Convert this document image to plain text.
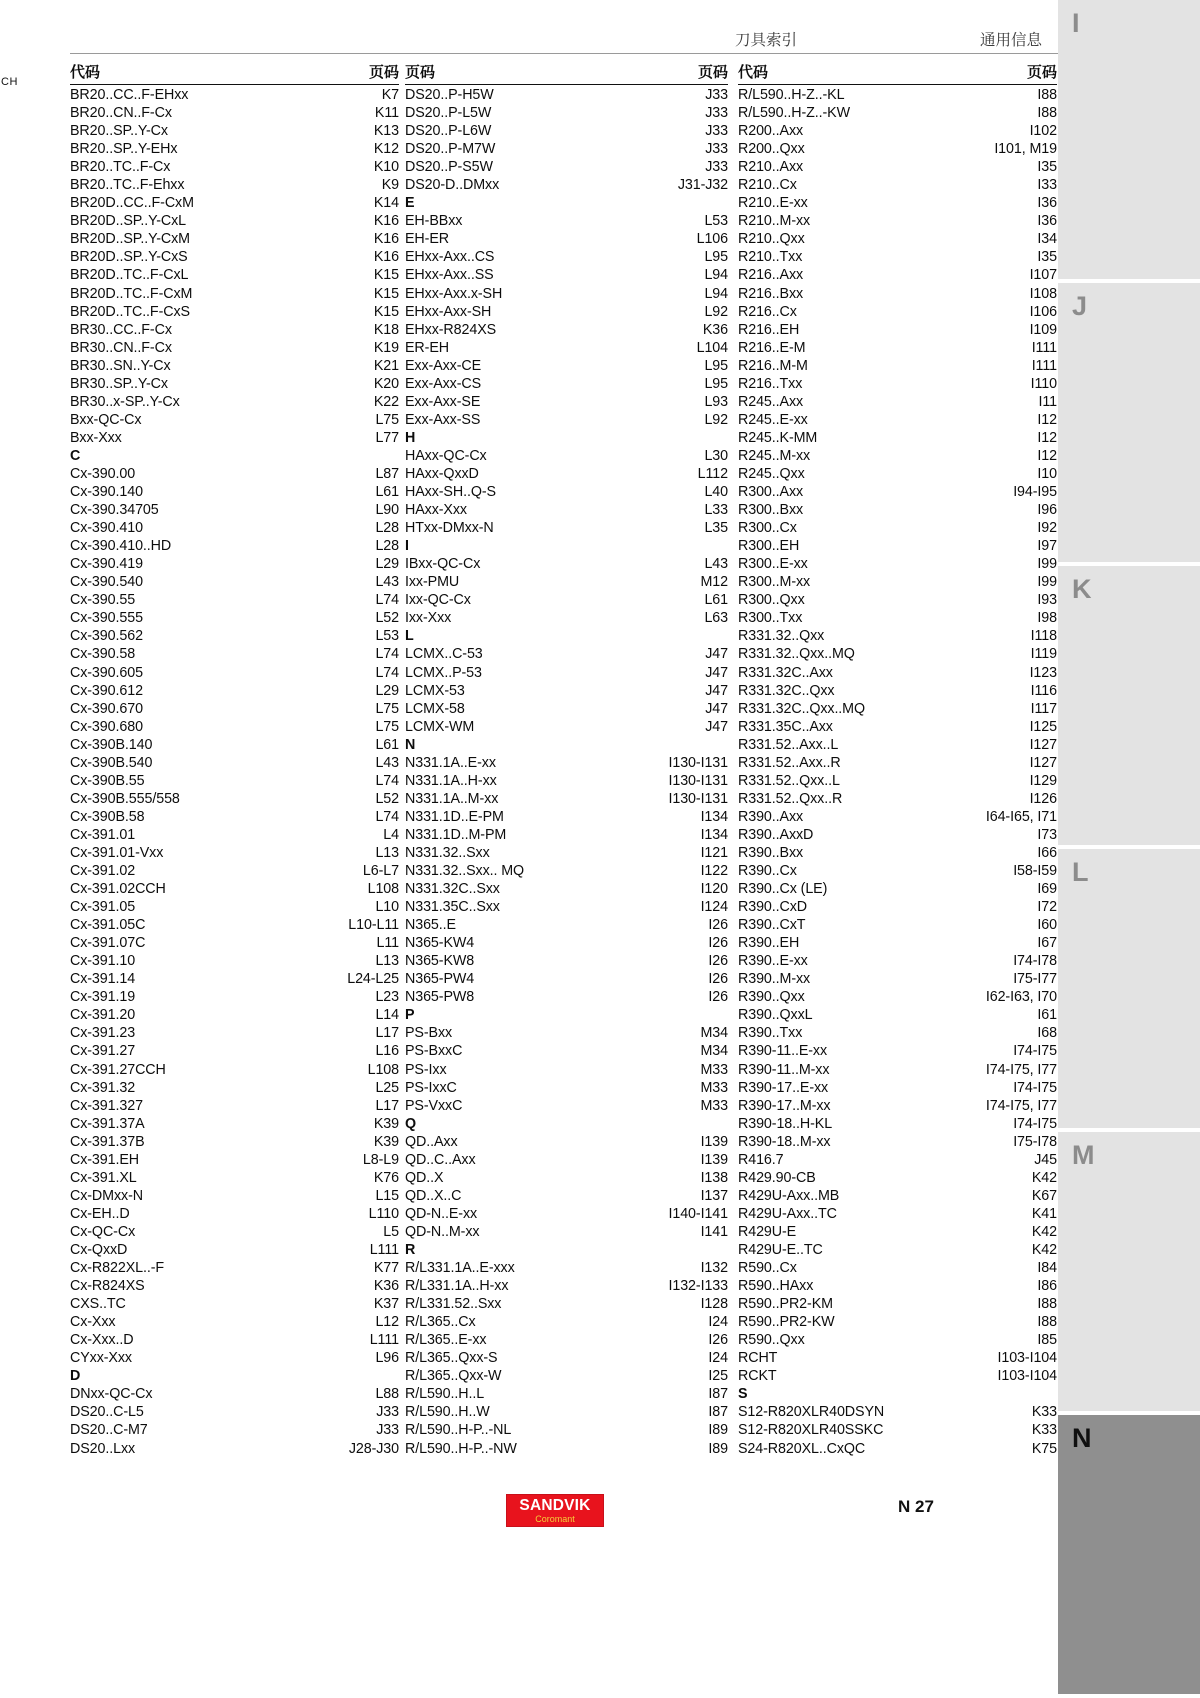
CH
刀具索引	通用信息
代码	页码
BR20..CC..F-EHxx	K7
BR20..CN..F-Cx	K11
BR20..SP..Y-Cx	K13
BR20..SP..Y-EHx	K12
BR20..TC..F-Cx	K10
BR20..TC..F-Ehxx	K9
BR20D..CC..F-CxM	K14
BR20D..SP..Y-CxL	K16
BR20D..SP..Y-CxM	K16
BR20D..SP..Y-CxS	K16
BR20D..TC..F-CxL	K15
BR20D..TC..F-CxM	K15
BR20D..TC..F-CxS	K15
BR30..CC..F-Cx	K18
BR30..CN..F-Cx	K19
BR30..SN..Y-Cx	K21
BR30..SP..Y-Cx	K20
BR30..x-SP..Y-Cx	K22
Bxx-QC-Cx	L75
Bxx-Xxx	L77
C
Cx-390.00	L87
Cx-390.140	L61
Cx-390.34705	L90
Cx-390.410	L28
Cx-390.410..HD	L28
Cx-390.419	L29
Cx-390.540	L43
Cx-390.55	L74
Cx-390.555	L52
Cx-390.562	L53
Cx-390.58	L74
Cx-390.605	L74
Cx-390.612	L29
Cx-390.670	L75
Cx-390.680	L75
Cx-390B.140	L61
Cx-390B.540	L43
Cx-390B.55	L74
Cx-390B.555/558	L52
Cx-390B.58	L74
Cx-391.01	L4
Cx-391.01-Vxx	L13
Cx-391.02	L6-L7
Cx-391.02CCH	L108
Cx-391.05	L10
Cx-391.05C	L10-L11
Cx-391.07C	L11
Cx-391.10	L13
Cx-391.14	L24-L25
Cx-391.19	L23
Cx-391.20	L14
Cx-391.23	L17
Cx-391.27	L16
Cx-391.27CCH	L108
Cx-391.32	L25
Cx-391.327	L17
Cx-391.37A	K39
Cx-391.37B	K39
Cx-391.EH	L8-L9
Cx-391.XL	K76
Cx-DMxx-N	L15
Cx-EH..D	L110
Cx-QC-Cx	L5
Cx-QxxD	L111
Cx-R822XL..-F	K77
Cx-R824XS	K36
CXS..TC	K37
Cx-Xxx	L12
Cx-Xxx..D	L111
CYxx-Xxx	L96
D
DNxx-QC-Cx	L88
DS20..C-L5	J33
DS20..C-M7	J33
DS20..Lxx	J28-J30
页码	页码
DS20..P-H5W	J33
DS20..P-L5W	J33
DS20..P-L6W	J33
DS20..P-M7W	J33
DS20..P-S5W	J33
DS20-D..DMxx	J31-J32
E
EH-BBxx	L53
EH-ER	L106
EHxx-Axx..CS	L95
EHxx-Axx..SS	L94
EHxx-Axx.x-SH	L94
EHxx-Axx-SH	L92
EHxx-R824XS	K36
ER-EH	L104
Exx-Axx-CE	L95
Exx-Axx-CS	L95
Exx-Axx-SE	L93
Exx-Axx-SS	L92
H
HAxx-QC-Cx	L30
HAxx-QxxD	L112
HAxx-SH..Q-S	L40
HAxx-Xxx	L33
HTxx-DMxx-N	L35
I
IBxx-QC-Cx	L43
Ixx-PMU	M12
Ixx-QC-Cx	L61
Ixx-Xxx	L63
L
LCMX..C-53	J47
LCMX..P-53	J47
LCMX-53	J47
LCMX-58	J47
LCMX-WM	J47
N
N331.1A..E-xx	I130-I131
N331.1A..H-xx	I130-I131
N331.1A..M-xx	I130-I131
N331.1D..E-PM	I134
N331.1D..M-PM	I134
N331.32..Sxx	I121
N331.32..Sxx.. MQ	I122
N331.32C..Sxx	I120
N331.35C..Sxx	I124
N365..E	I26
N365-KW4	I26
N365-KW8	I26
N365-PW4	I26
N365-PW8	I26
P
PS-Bxx	M34
PS-BxxC	M34
PS-Ixx	M33
PS-IxxC	M33
PS-VxxC	M33
Q
QD..Axx	I139
QD..C..Axx	I139
QD..X	I138
QD..X..C	I137
QD-N..E-xx	I140-I141
QD-N..M-xx	I141
R
R/L331.1A..E-xxx	I132
R/L331.1A..H-xx	I132-I133
R/L331.52..Sxx	I128
R/L365..Cx	I24
R/L365..E-xx	I26
R/L365..Qxx-S	I24
R/L365..Qxx-W	I25
R/L590..H..L	I87
R/L590..H..W	I87
R/L590..H-P..-NL	I89
R/L590..H-P..-NW	I89
代码	页码
R/L590..H-Z..-KL	I88
R/L590..H-Z..-KW	I88
R200..Axx	I102
R200..Qxx	I101, M19
R210..Axx	I35
R210..Cx	I33
R210..E-xx	I36
R210..M-xx	I36
R210..Qxx	I34
R210..Txx	I35
R216..Axx	I107
R216..Bxx	I108
R216..Cx	I106
R216..EH	I109
R216..E-M	I111
R216..M-M	I111
R216..Txx	I110
R245..Axx	I11
R245..E-xx	I12
R245..K-MM	I12
R245..M-xx	I12
R245..Qxx	I10
R300..Axx	I94-I95
R300..Bxx	I96
R300..Cx	I92
R300..EH	I97
R300..E-xx	I99
R300..M-xx	I99
R300..Qxx	I93
R300..Txx	I98
R331.32..Qxx	I118
R331.32..Qxx..MQ	I119
R331.32C..Axx	I123
R331.32C..Qxx	I116
R331.32C..Qxx..MQ	I117
R331.35C..Axx	I125
R331.52..Axx..L	I127
R331.52..Axx..R	I127
R331.52..Qxx..L	I129
R331.52..Qxx..R	I126
R390..Axx	I64-I65, I71
R390..AxxD	I73
R390..Bxx	I66
R390..Cx	I58-I59
R390..Cx (LE)	I69
R390..CxD	I72
R390..CxT	I60
R390..EH	I67
R390..E-xx	I74-I78
R390..M-xx	I75-I77
R390..Qxx	I62-I63, I70
R390..QxxL	I61
R390..Txx	I68
R390-11..E-xx	I74-I75
R390-11..M-xx	I74-I75, I77
R390-17..E-xx	I74-I75
R390-17..M-xx	I74-I75, I77
R390-18..H-KL	I74-I75
R390-18..M-xx	I75-I78
R416.7	J45
R429.90-CB	K42
R429U-Axx..MB	K67
R429U-Axx..TC	K41
R429U-E	K42
R429U-E..TC	K42
R590..Cx	I84
R590..HAxx	I86
R590..PR2-KM	I88
R590..PR2-KW	I88
R590..Qxx	I85
RCHT	I103-I104
RCKT	I103-I104
S
S12-R820XLR40DSYN	K33
S12-R820XLR40SSKC	K33
S24-R820XL..CxQC	K75
SANDVIK
Coromant
N 27
I
J
K
L
M
N
